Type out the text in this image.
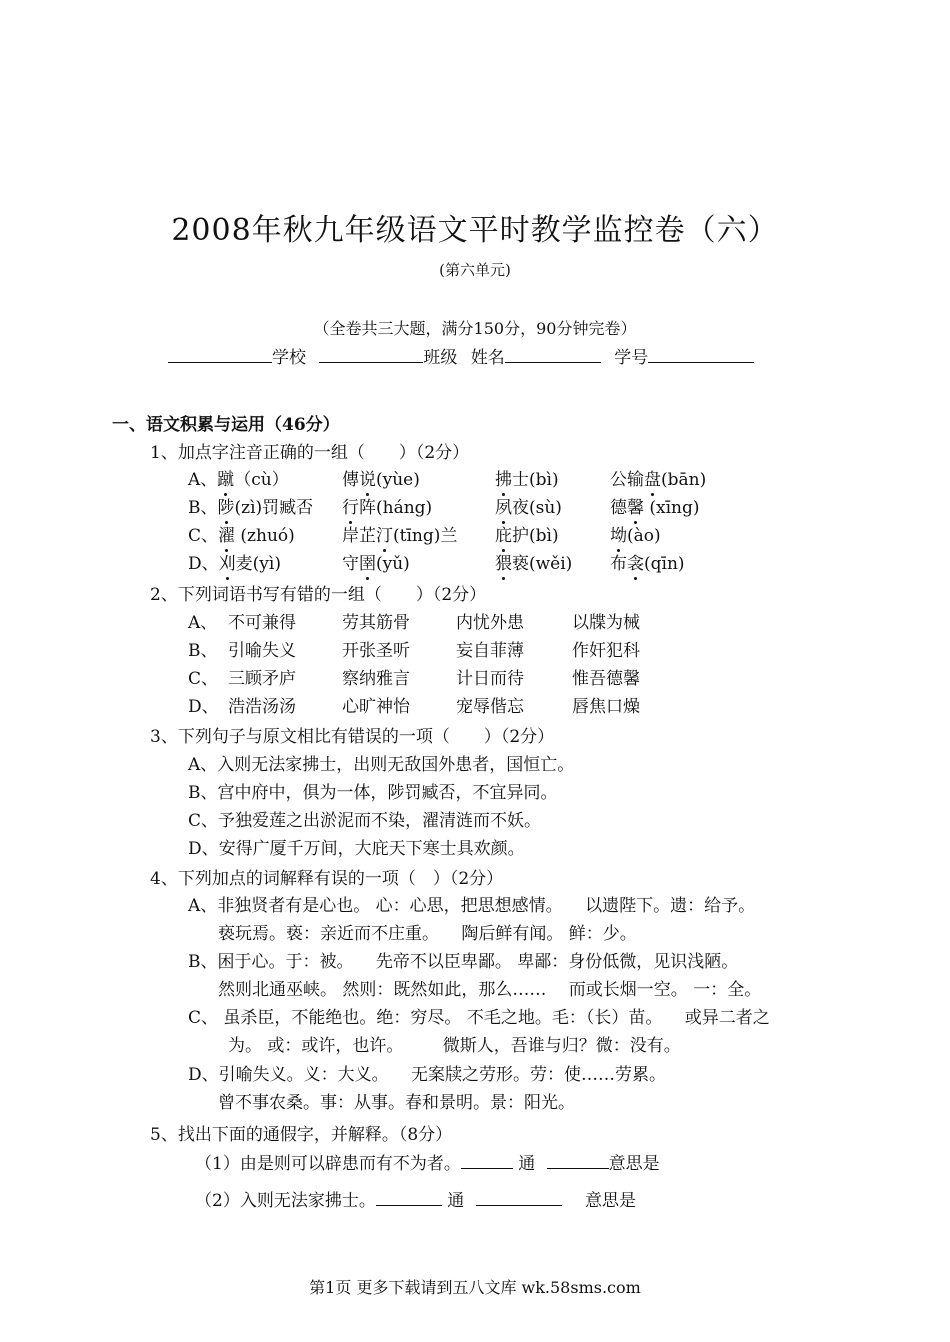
2008年秋九年级语文平时教学监控卷（六）
(第六单元)
（全卷共三大题，满分150分，90分钟完卷）
学校	班级 姓名	学号
一、语文积累与运用（46分）
1、加点字注音正确的一组（　　）（2分）
A、蹴（cù）	傳说(yùe)	拂士(bì)	公输盘(bān)
B、陟(zì)罚臧否 行阵(háng)	夙夜(sù)	德馨 (xīng)
C、濯 (zhuó)	岸芷汀(tīng)兰 庇护(bì)	坳(ào)
D、刈麦(yì)	守圉(yǔ)	猥亵(wěi) 布衾(qīn)
2、下列词语书写有错的一组（　　）（2分）
A、 不可兼得	劳其筋骨	内忧外患	以牒为械
B、 引喻失义	开张圣听	妄自菲薄	作奸犯科
C、 三顾矛庐	察纳雅言	计日而待	惟吾德馨
D、 浩浩汤汤	心旷神怡	宠辱偕忘	唇焦口燥
3、下列句子与原文相比有错误的一项（　　）（2分）
A、入则无法家拂士，出则无敌国外患者，国恒亡。
B、宫中府中，俱为一体，陟罚臧否，不宜异同。
C、予独爱莲之出淤泥而不染，濯清涟而不妖。
D、安得广厦千万间，大庇天下寒士具欢颜。
4、下列加点的词解释有误的一项（　）（2分）
A、非独贤者有是心也。 心：心思，把思想感情。 　以遗陛下。遗：给予。
亵玩焉。亵：亲近而不庄重。 　陶后鲜有闻。 鲜：少。
B、困于心。于：被。 　先帝不以臣卑鄙。 卑鄙：身份低微，见识浅陋。
然则北通巫峡。 然则：既然如此，那么…… 　而或长烟一空。 一：全。
C、 虽杀臣，不能绝也。绝：穷尽。 不毛之地。毛：（长）苗。 　或异二者之
为。 或：或许，也许。 　　微斯人，吾谁与归？微：没有。
D、引喻失义。义：大义。 　无案牍之劳形。劳：使……劳累。
曾不事农桑。事：从事。春和景明。景：阳光。
5、找出下面的通假字，并解释。（8分）
（1）由是则可以辟患而有不为者。	通	意思是
（2）入则无法家拂士。	通	意思是
第1页 更多下载请到五八文库 wk.58sms.com
